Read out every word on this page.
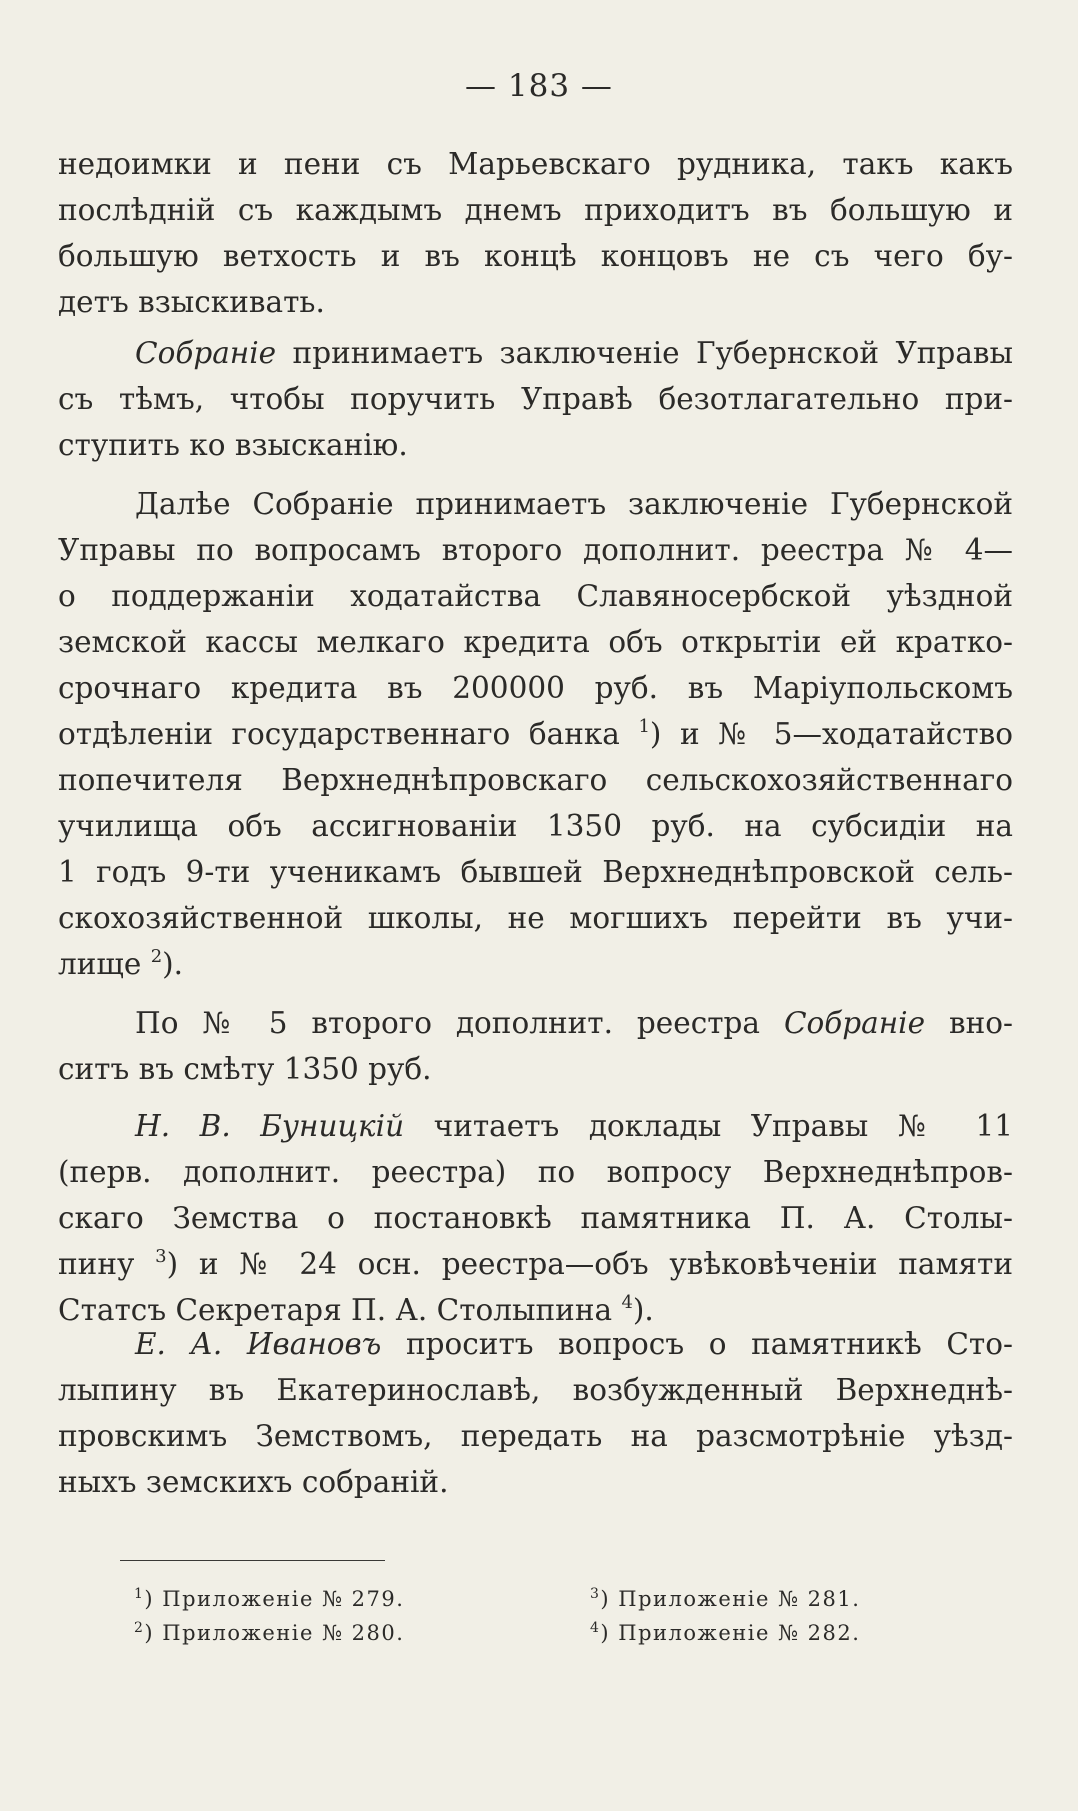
— 183 —
недоимки и пени съ Марьевскаго рудника, такъ какъ
послѣдній съ каждымъ днемъ приходитъ въ большую и
большую ветхость и въ концѣ концовъ не съ чего бу-
детъ взыскивать.
Собраніе принимаетъ заключеніе Губернской Управы
съ тѣмъ, чтобы поручить Управѣ безотлагательно при-
ступить ко взысканію.
Далѣе Собраніе принимаетъ заключеніе Губернской
Управы по вопросамъ второго дополнит. реестра № 4—
о поддержаніи ходатайства Славяносербской уѣздной
земской кассы мелкаго кредита объ открытіи ей кратко-
срочнаго кредита въ 200000 руб. въ Маріупольскомъ
отдѣленіи государственнаго банка $^1$) и № 5—ходатайство
попечителя Верхнеднѣпровскаго сельскохозяйственнаго
училища объ ассигнованіи 1350 руб. на субсидіи на
1 годъ 9-ти ученикамъ бывшей Верхнеднѣпровской сель-
скохозяйственной школы, не могшихъ перейти въ учи-
лище $^2$).
По № 5 второго дополнит. реестра Собраніе вно-
ситъ въ смѣту 1350 руб.
Н. В. Буницкій читаетъ доклады Управы № 11
(перв. дополнит. реестра) по вопросу Верхнеднѣпров-
скаго Земства о постановкѣ памятника П. А. Столы-
пину $^3$) и № 24 осн. реестра—объ увѣковѣченіи памяти
Статсъ Секретаря П. А. Столыпина $^4$).
Е. А. Ивановъ проситъ вопросъ о памятникѣ Сто-
лыпину въ Екатеринославѣ, возбужденный Верхнеднѣ-
провскимъ Земствомъ, передать на разсмотрѣніе уѣзд-
ныхъ земскихъ собраній.
$^1$) Приложеніе № 279.
$^2$) Приложеніе № 280.
$^3$) Приложеніе № 281.
$^4$) Приложеніе № 282.
